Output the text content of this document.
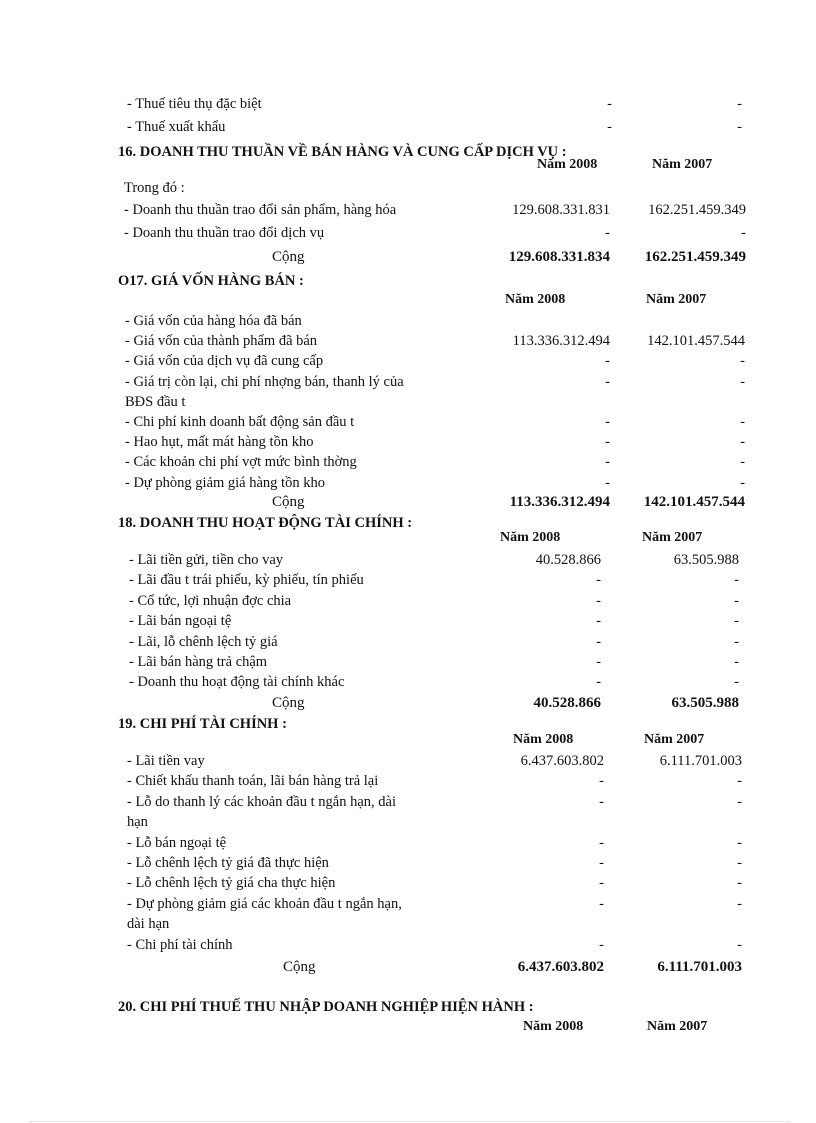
- Thuế tiêu thụ đặc biệt	-	-
- Thuế xuất khẩu	-	-
16. DOANH THU THUẦN VỀ BÁN HÀNG VÀ CUNG CẤP DỊCH VỤ :
Năm 2008	Năm 2007
Trong đó :
- Doanh thu thuần trao đổi sản phẩm, hàng hóa	129.608.331.831	162.251.459.349
- Doanh thu thuần trao đổi dịch vụ	-	-
Cộng	129.608.331.834 162.251.459.349
O17. GIÁ VỐN HÀNG BÁN :
Năm 2008	Năm 2007
- Giá vốn của hàng hóa đã bán
- Giá vốn của thành phẩm đã bán	113.336.312.494	142.101.457.544
- Giá vốn của dịch vụ đã cung cấp	-	-
- Giá trị còn lại, chi phí nhợng bán, thanh lý của	-	-
BĐS đầu t
- Chi phí kinh doanh bất động sản đầu t	-	-
- Hao hụt, mất mát hàng tồn kho	-	-
- Các khoản chi phí vợt mức bình thờng	-	-
- Dự phòng giảm giá hàng tồn kho	-	-
Cộng	113.336.312.494 142.101.457.544
18. DOANH THU HOẠT ĐỘNG TÀI CHÍNH :
Năm 2008	Năm 2007
- Lãi tiền gửi, tiền cho vay	40.528.866	63.505.988
- Lãi đầu t trái phiếu, kỳ phiếu, tín phiếu	-	-
- Cổ tức, lợi nhuận đợc chia	-	-
- Lãi bán ngoại tệ	-	-
- Lãi, lỗ chênh lệch tỷ giá	-	-
- Lãi bán hàng trả chậm	-	-
- Doanh thu hoạt động tài chính khác	-	-
Cộng	40.528.866	63.505.988
19. CHI PHÍ TÀI CHÍNH :
Năm 2008	Năm 2007
- Lãi tiền vay	6.437.603.802	6.111.701.003
- Chiết khấu thanh toán, lãi bán hàng trả lại	-	-
- Lỗ do thanh lý các khoản đầu t ngắn hạn, dài	-	-
hạn
- Lỗ bán ngoại tệ	-	-
- Lỗ chênh lệch tỷ giá đã thực hiện	-	-
- Lỗ chênh lệch tỷ giá cha thực hiện	-	-
- Dự phòng giảm giá các khoản đầu t ngắn hạn,	-	-
dài hạn
- Chi phí tài chính	-	-
Cộng	6.437.603.802	6.111.701.003
20. CHI PHÍ THUẾ THU NHẬP DOANH NGHIỆP HIỆN HÀNH :
Năm 2008	Năm 2007
